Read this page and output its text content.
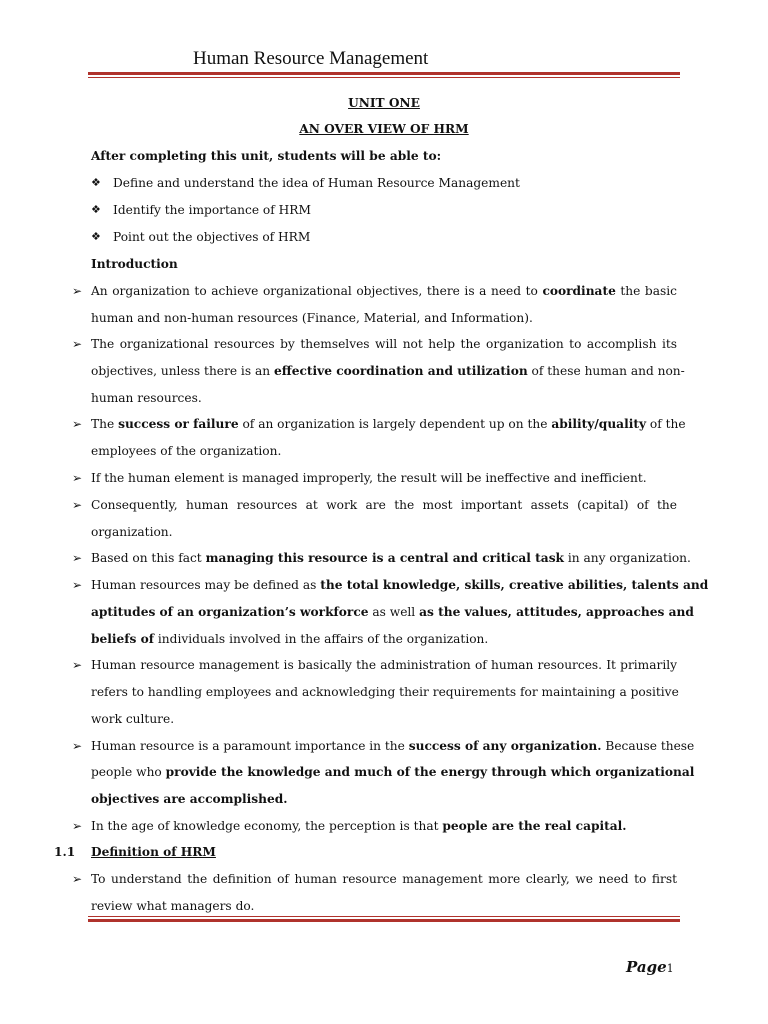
Human Resource Management
UNIT ONE
AN OVER VIEW OF HRM
After completing this unit, students will be able to:
❖ Define and understand the idea of Human Resource Management
❖ Identify the importance of HRM
❖ Point out the objectives of HRM
Introduction
➢ An organization to achieve organizational objectives, there is a need to coordinate the basic
human and non-human resources (Finance, Material, and Information).
➢ The organizational resources by themselves will not help the organization to accomplish its
objectives, unless there is an effective coordination and utilization of these human and non-
human resources.
➢ The success or failure of an organization is largely dependent up on the ability/quality of the
employees of the organization.
➢ If the human element is managed improperly, the result will be ineffective and inefficient.
➢ Consequently, human resources at work are the most important assets (capital) of the
organization.
➢ Based on this fact managing this resource is a central and critical task in any organization.
➢ Human resources may be defined as the total knowledge, skills, creative abilities, talents and
aptitudes of an organization’s workforce as well as the values, attitudes, approaches and
beliefs of individuals involved in the affairs of the organization.
➢ Human resource management is basically the administration of human resources. It primarily
refers to handling employees and acknowledging their requirements for maintaining a positive
work culture.
➢ Human resource is a paramount importance in the success of any organization. Because these
people who provide the knowledge and much of the energy through which organizational
objectives are accomplished.
➢ In the age of knowledge economy, the perception is that people are the real capital.
1.1 Definition of HRM
➢ To understand the definition of human resource management more clearly, we need to first
review what managers do.
Page1
